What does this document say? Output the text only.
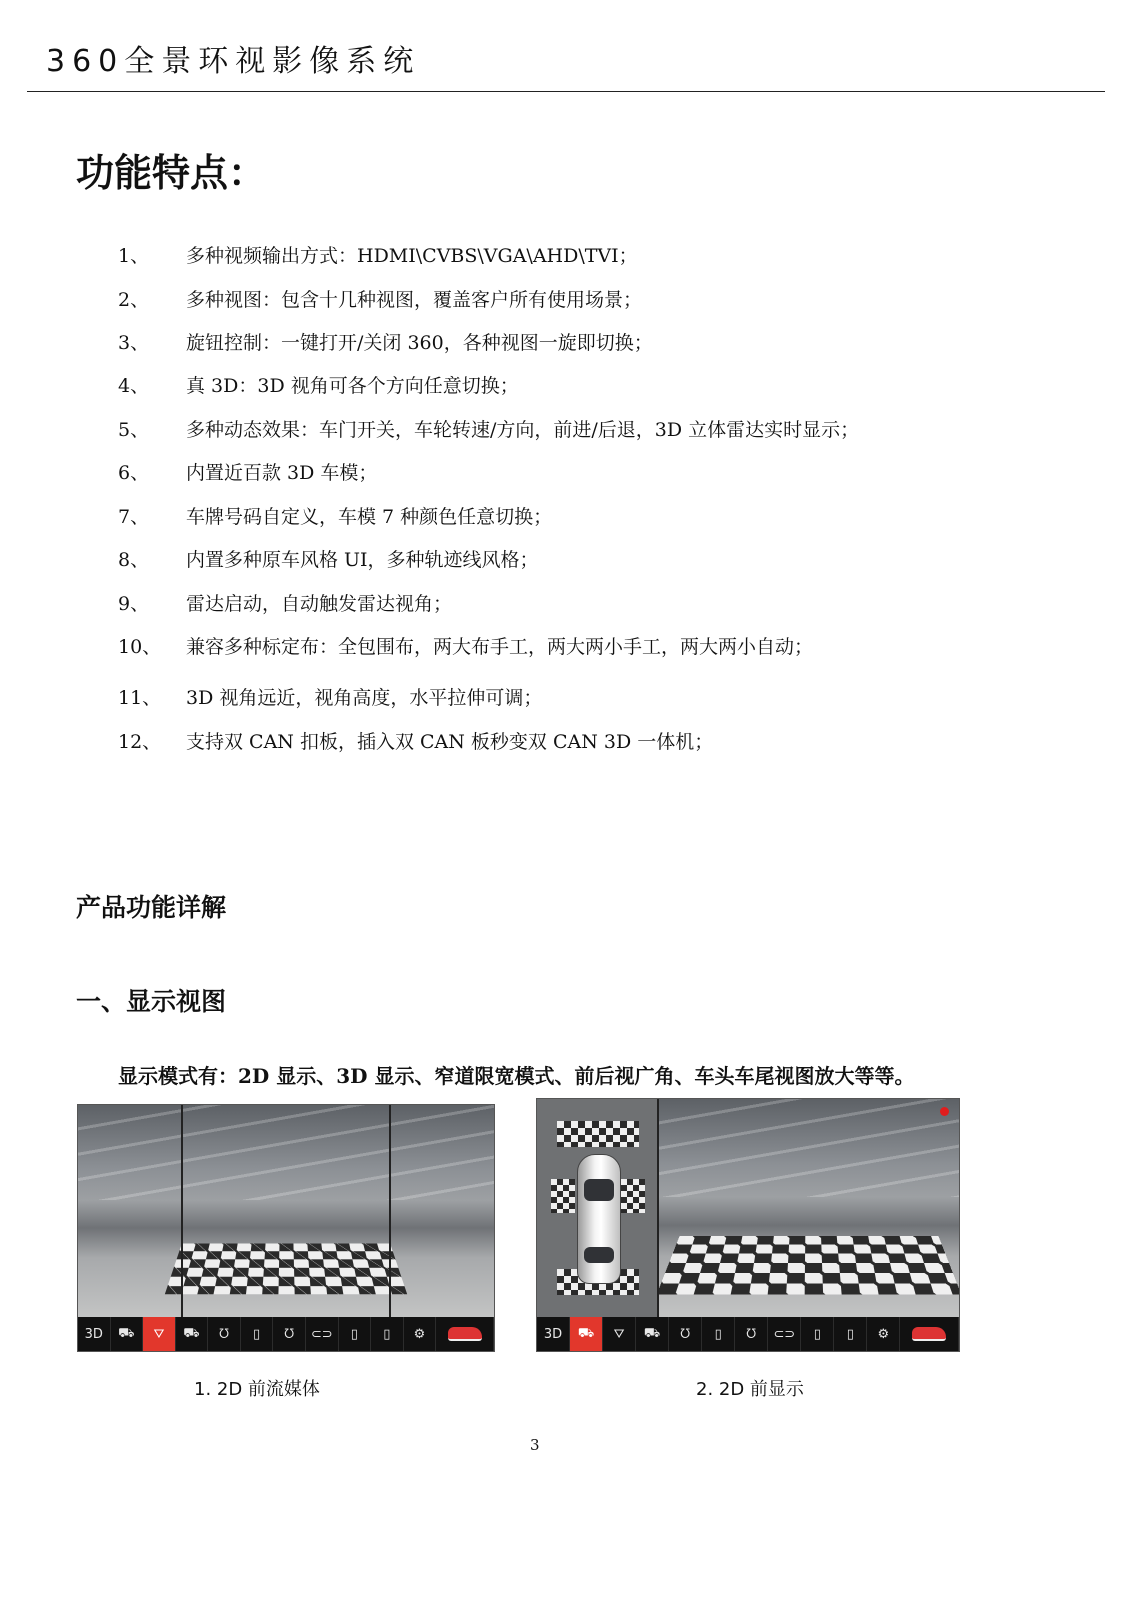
360全景环视影像系统
功能特点：
1、 多种视频输出方式：HDMI\CVBS\VGA\AHD\TVI；
2、 多种视图：包含十几种视图，覆盖客户所有使用场景；
3、 旋钮控制：一键打开/关闭 360，各种视图一旋即切换；
4、 真 3D：3D 视角可各个方向任意切换；
5、 多种动态效果：车门开关，车轮转速/方向，前进/后退，3D 立体雷达实时显示；
6、 内置近百款 3D 车模；
7、 车牌号码自定义，车模 7 种颜色任意切换；
8、 内置多种原车风格 UI，多种轨迹线风格；
9、 雷达启动，自动触发雷达视角；
10、 兼容多种标定布：全包围布，两大布手工，两大两小手工，两大两小自动；
11、 3D 视角远近，视角高度，水平拉伸可调；
12、 支持双 CAN 扣板，插入双 CAN 板秒变双 CAN 3D 一体机；
产品功能详解
一、显示视图
显示模式有：2D 显示、3D 显示、窄道限宽模式、前后视广角、车头车尾视图放大等等。
3D	⛟	⛛	⛟	ᘮ	▯	ᘮ	⊂⊃	▯	▯	⚙	3D	⛟	⛛	⛟	ᘮ	▯	ᘮ	⊂⊃	▯	▯	⚙
1. 2D 前流媒体	2. 2D 前显示
3
